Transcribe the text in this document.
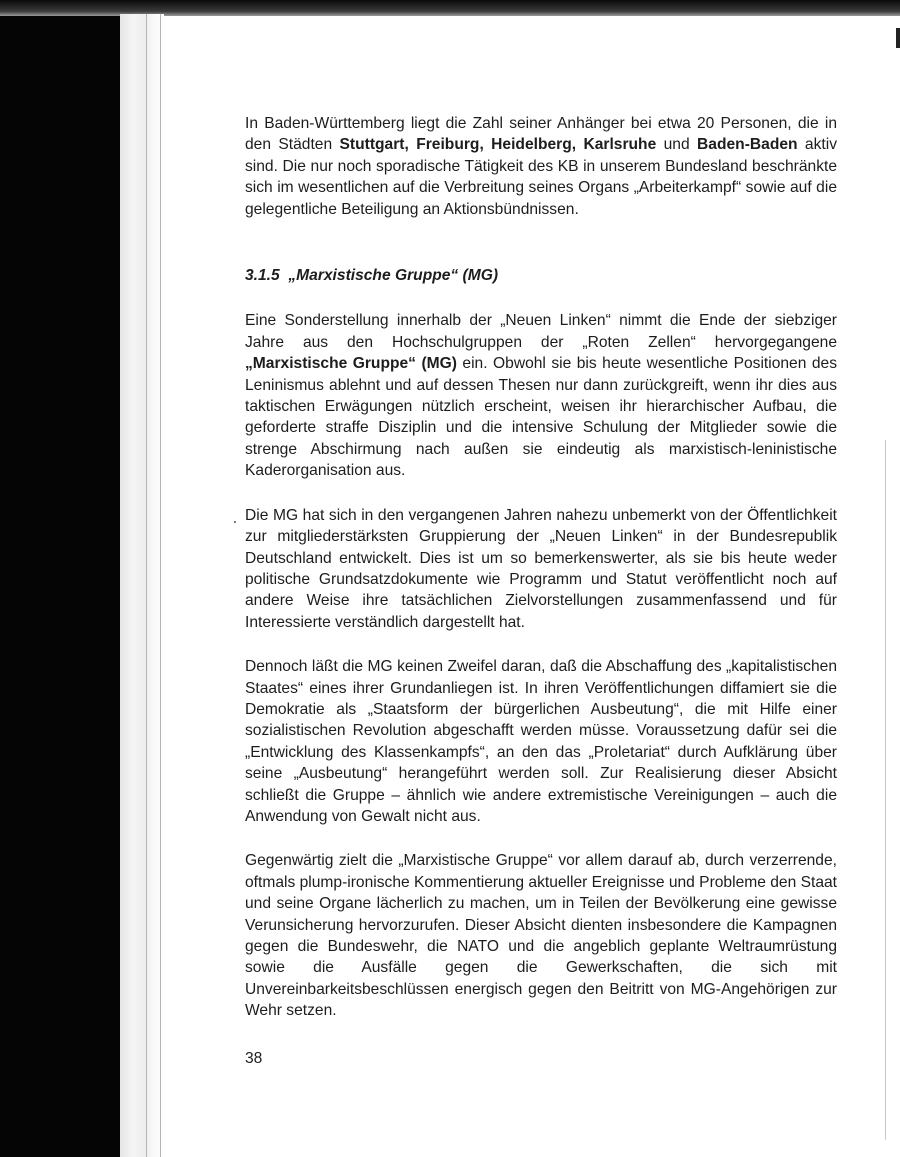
In Baden-Württemberg liegt die Zahl seiner Anhänger bei etwa 20 Personen, die in den Städten Stuttgart, Freiburg, Heidelberg, Karlsruhe und Baden-Baden aktiv sind. Die nur noch sporadische Tätigkeit des KB in unserem Bundesland beschränkte sich im wesentlichen auf die Verbreitung seines Organs „Arbeiterkampf“ sowie auf die gelegentliche Beteiligung an Aktionsbündnissen.

3.1.5 „Marxistische Gruppe“ (MG)

Eine Sonderstellung innerhalb der „Neuen Linken“ nimmt die Ende der siebziger Jahre aus den Hochschulgruppen der „Roten Zellen“ hervorgegangene „Marxistische Gruppe“ (MG) ein. Obwohl sie bis heute wesentliche Positionen des Leninismus ablehnt und auf dessen Thesen nur dann zurückgreift, wenn ihr dies aus taktischen Erwägungen nützlich erscheint, weisen ihr hierarchischer Aufbau, die geforderte straffe Disziplin und die intensive Schulung der Mitglieder sowie die strenge Abschirmung nach außen sie eindeutig als marxistisch-leninistische Kaderorganisation aus.

Die MG hat sich in den vergangenen Jahren nahezu unbemerkt von der Öffentlichkeit zur mitgliederstärksten Gruppierung der „Neuen Linken“ in der Bundesrepublik Deutschland entwickelt. Dies ist um so bemerkenswerter, als sie bis heute weder politische Grundsatzdokumente wie Programm und Statut veröffentlicht noch auf andere Weise ihre tatsächlichen Zielvorstellungen zusammenfassend und für Interessierte verständlich dargestellt hat.

Dennoch läßt die MG keinen Zweifel daran, daß die Abschaffung des „kapitalistischen Staates“ eines ihrer Grundanliegen ist. In ihren Veröffentlichungen diffamiert sie die Demokratie als „Staatsform der bürgerlichen Ausbeutung“, die mit Hilfe einer sozialistischen Revolution abgeschafft werden müsse. Voraussetzung dafür sei die „Entwicklung des Klassenkampfs“, an den das „Proletariat“ durch Aufklärung über seine „Ausbeutung“ herangeführt werden soll. Zur Realisierung dieser Absicht schließt die Gruppe – ähnlich wie andere extremistische Vereinigungen – auch die Anwendung von Gewalt nicht aus.

Gegenwärtig zielt die „Marxistische Gruppe“ vor allem darauf ab, durch verzerrende, oftmals plump-ironische Kommentierung aktueller Ereignisse und Probleme den Staat und seine Organe lächerlich zu machen, um in Teilen der Bevölkerung eine gewisse Verunsicherung hervorzurufen. Dieser Absicht dienten insbesondere die Kampagnen gegen die Bundeswehr, die NATO und die angeblich geplante Weltraumrüstung sowie die Ausfälle gegen die Gewerkschaften, die sich mit Unvereinbarkeitsbeschlüssen energisch gegen den Beitritt von MG-Angehörigen zur Wehr setzen.

38
